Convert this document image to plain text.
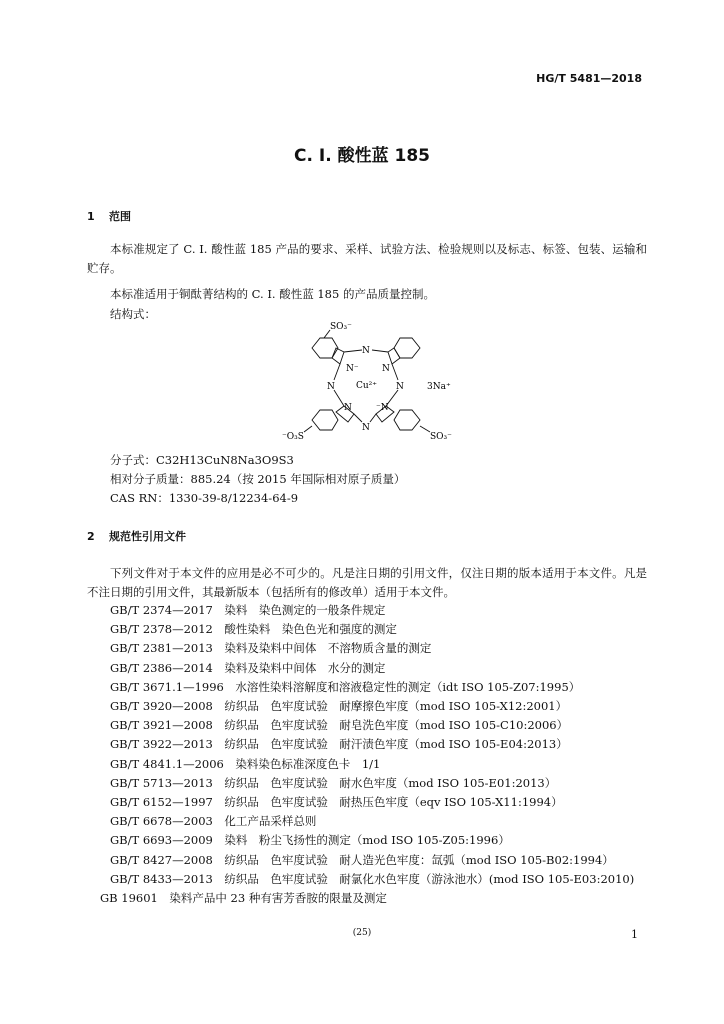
HG/T 5481—2018
C. I. 酸性蓝 185
1 范围
本标准规定了 C. I. 酸性蓝 185 产品的要求、采样、试验方法、检验规则以及标志、标签、包装、运输和贮存。
本标准适用于铜酞菁结构的 C. I. 酸性蓝 185 的产品质量控制。
结构式：
SO₃⁻
⁻O₃S	SO₃⁻
N
N⁻	N
N Cu²⁺ N	3Na⁺
N	⁻N
N
分子式：C32H13CuN8Na3O9S3
相对分子质量：885.24（按 2015 年国际相对原子质量）
CAS RN：1330-39-8/12234-64-9
2 规范性引用文件
下列文件对于本文件的应用是必不可少的。凡是注日期的引用文件，仅注日期的版本适用于本文件。凡是不注日期的引用文件，其最新版本（包括所有的修改单）适用于本文件。
GB/T 2374—2017　染料　染色测定的一般条件规定
GB/T 2378—2012　酸性染料　染色色光和强度的测定
GB/T 2381—2013　染料及染料中间体　不溶物质含量的测定
GB/T 2386—2014　染料及染料中间体　水分的测定
GB/T 3671.1—1996　水溶性染料溶解度和溶液稳定性的测定（idt ISO 105-Z07:1995）
GB/T 3920—2008　纺织品　色牢度试验　耐摩擦色牢度（mod ISO 105-X12:2001）
GB/T 3921—2008　纺织品　色牢度试验　耐皂洗色牢度（mod ISO 105-C10:2006）
GB/T 3922—2013　纺织品　色牢度试验　耐汗渍色牢度（mod ISO 105-E04:2013）
GB/T 4841.1—2006　染料染色标准深度色卡　1/1
GB/T 5713—2013　纺织品　色牢度试验　耐水色牢度（mod ISO 105-E01:2013）
GB/T 6152—1997　纺织品　色牢度试验　耐热压色牢度（eqv ISO 105-X11:1994）
GB/T 6678—2003　化工产品采样总则
GB/T 6693—2009　染料　粉尘飞扬性的测定（mod ISO 105-Z05:1996）
GB/T 8427—2008　纺织品　色牢度试验　耐人造光色牢度：氙弧（mod ISO 105-B02:1994）
GB/T 8433—2013　纺织品　色牢度试验　耐氯化水色牢度（游泳池水）(mod ISO 105-E03:2010)
GB 19601　染料产品中 23 种有害芳香胺的限量及测定
(25)	1
